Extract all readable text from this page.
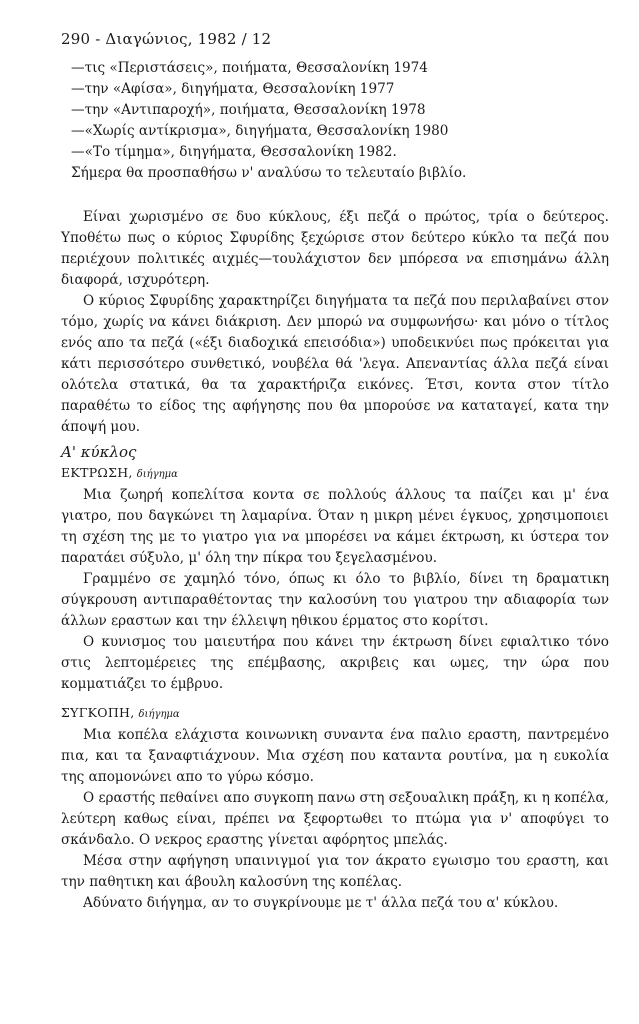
290 - Διαγώνιος, 1982 / 12
—τις «Περιστάσεις», ποιήματα, Θεσσαλονίκη 1974
—την «Αφίσα», διηγήματα, Θεσσαλονίκη 1977
—την «Αντιπαροχή», ποιήματα, Θεσσαλονίκη 1978
—«Χωρίς αντίκρισμα», διηγήματα, Θεσσαλονίκη 1980
—«Το τίμημα», διηγήματα, Θεσσαλονίκη 1982.
Σήμερα θα προσπαθήσω ν' αναλύσω το τελευταίο βιβλίο.

Είναι χωρισμένο σε δυο κύκλους, έξι πεζά ο πρώτος, τρία ο δεύτερος. Υποθέτω πως ο κύριος Σφυρίδης ξεχώρισε στον δεύτερο κύκλο τα πεζά που περιέχουν πολιτικές αιχμές—τουλάχιστον δεν μπόρεσα να επισημάνω άλλη διαφορά, ισχυρότερη.

Ο κύριος Σφυρίδης χαρακτηρίζει διηγήματα τα πεζά που περιλαβαίνει στον τόμο, χωρίς να κάνει διάκριση. Δεν μπορώ να συμφωνήσω· και μόνο ο τίτλος ενός απο τα πεζά («έξι διαδοχικά επεισόδια») υποδεικνύει πως πρόκειται για κάτι περισσότερο συνθετικό, νουβέλα θά 'λεγα. Απεναντίας άλλα πεζά είναι ολότελα στατικά, θα τα χαρακτήριζα εικόνες. Έτσι, κοντα στον τίτλο παραθέτω το είδος της αφήγησης που θα μπορούσε να καταταγεί, κατα την άποψή μου.

Α' κύκλος
ΕΚΤΡΩΣΗ, διήγημα

Μια ζωηρή κοπελίτσα κοντα σε πολλούς άλλους τα παίζει και μ' ένα γιατρο, που δαγκώνει τη λαμαρίνα. Όταν η μικρη μένει έγκυος, χρησιμοποιει τη σχέση της με το γιατρο για να μπορέσει να κάμει έκτρωση, κι ύστερα τον παρατάει σύξυλο, μ' όλη την πίκρα του ξεγελασμένου.

Γραμμένο σε χαμηλό τόνο, όπως κι όλο το βιβλίο, δίνει τη δραματικη σύγκρουση αντιπαραθέτοντας την καλοσύνη του γιατρου την αδιαφορία των άλλων εραστων και την έλλειψη ηθικου έρματος στο κορίτσι.

Ο κυνισμος του μαιευτήρα που κάνει την έκτρωση δίνει εφιαλτικο τόνο στις λεπτομέρειες της επέμβασης, ακριβεις και ωμες, την ώρα που κομματιάζει το έμβρυο.

ΣΥΓΚΟΠΗ, διήγημα

Μια κοπέλα ελάχιστα κοινωνικη συναντα ένα παλιο εραστη, παντρεμένο πια, και τα ξαναφτιάχνουν. Μια σχέση που καταντα ρουτίνα, μα η ευκολία της απομονώνει απο το γύρω κόσμο.

Ο εραστής πεθαίνει απο συγκοπη πανω στη σεξουαλικη πράξη, κι η κοπέλα, λεύτερη καθως είναι, πρέπει να ξεφορτωθει το πτώμα για ν' αποφύγει το σκάνδαλο. Ο νεκρος εραστης γίνεται αφόρητος μπελάς.

Μέσα στην αφήγηση υπαινιγμοί για τον άκρατο εγωισμο του εραστη, και την παθητικη και άβουλη καλοσύνη της κοπέλας.

Αδύνατο διήγημα, αν το συγκρίνουμε με τ' άλλα πεζά του α' κύκλου.
